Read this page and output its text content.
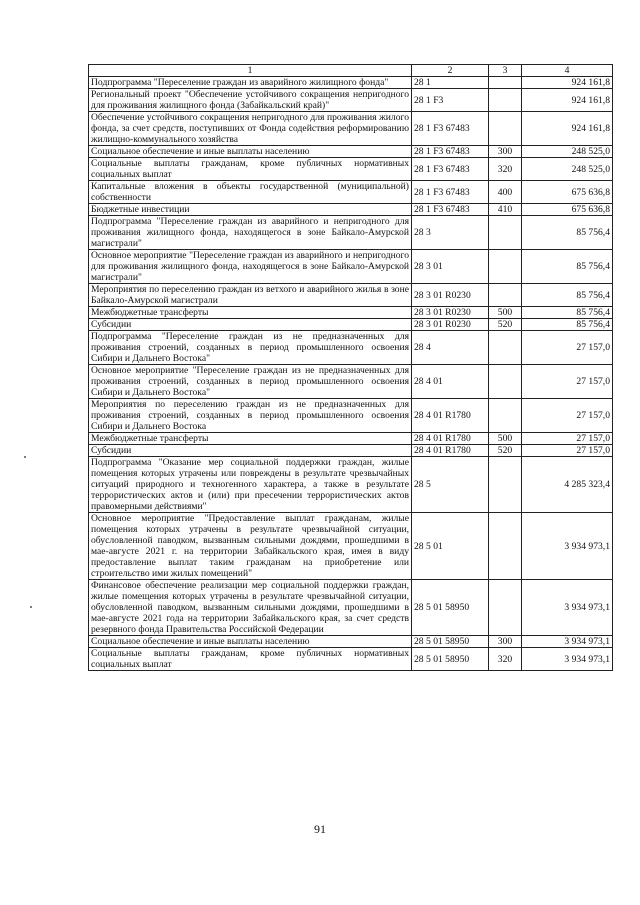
1	2	3	4
Подпрограмма "Переселение граждан из аварийного жилищного фонда"	28 1		924 161,8
Региональный проект "Обеспечение устойчивого сокращения непригодного для проживания жилищного фонда (Забайкальский край)"	28 1 F3		924 161,8
Обеспечение устойчивого сокращения непригодного для проживания жилого фонда, за счет средств, поступивших от Фонда содействия реформированию жилищно-коммунального хозяйства	28 1 F3 67483		924 161,8
Социальное обеспечение и иные выплаты населению	28 1 F3 67483	300	248 525,0
Социальные выплаты гражданам, кроме публичных нормативных социальных выплат	28 1 F3 67483	320	248 525,0
Капитальные вложения в объекты государственной (муниципальной) собственности	28 1 F3 67483	400	675 636,8
Бюджетные инвестиции	28 1 F3 67483	410	675 636,8
Подпрограмма "Переселение граждан из аварийного и непригодного для проживания жилищного фонда, находящегося в зоне Байкало-Амурской магистрали"	28 3		85 756,4
Основное мероприятие "Переселение граждан из аварийного и непригодного для проживания жилищного фонда, находящегося в зоне Байкало-Амурской магистрали"	28 3 01		85 756,4
Мероприятия по переселению граждан из ветхого и аварийного жилья в зоне Байкало-Амурской магистрали	28 3 01 R0230		85 756,4
Межбюджетные трансферты	28 3 01 R0230	500	85 756,4
Субсидии	28 3 01 R0230	520	85 756,4
Подпрограмма "Переселение граждан из не предназначенных для проживания строений, созданных в период промышленного освоения Сибири и Дальнего Востока"	28 4		27 157,0
Основное мероприятие "Переселение граждан из не предназначенных для проживания строений, созданных в период промышленного освоения Сибири и Дальнего Востока"	28 4 01		27 157,0
Мероприятия по переселению граждан из не предназначенных для проживания строений, созданных в период промышленного освоения Сибири и Дальнего Востока	28 4 01 R1780		27 157,0
Межбюджетные трансферты	28 4 01 R1780	500	27 157,0
Субсидии	28 4 01 R1780	520	27 157,0
Подпрограмма "Оказание мер социальной поддержки граждан, жилые помещения которых утрачены или повреждены в результате чрезвычайных ситуаций природного и техногенного характера, а также в результате террористических актов и (или) при пресечении террористических актов правомерными действиями"	28 5		4 285 323,4
Основное мероприятие "Предоставление выплат гражданам, жилые помещения которых утрачены в результате чрезвычайной ситуации, обусловленной паводком, вызванным сильными дождями, прошедшими в мае-августе 2021 г. на территории Забайкальского края, имея в виду предоставление выплат таким гражданам на приобретение или строительство ими жилых помещений"	28 5 01		3 934 973,1
Финансовое обеспечение реализации мер социальной поддержки граждан, жилые помещения которых утрачены в результате чрезвычайной ситуации, обусловленной паводком, вызванным сильными дождями, прошедшими в мае-августе 2021 года на территории Забайкальского края, за счет средств резервного фонда Правительства Российской Федерации	28 5 01 58950		3 934 973,1
Социальное обеспечение и иные выплаты населению	28 5 01 58950	300	3 934 973,1
Социальные выплаты гражданам, кроме публичных нормативных социальных выплат	28 5 01 58950	320	3 934 973,1
91
